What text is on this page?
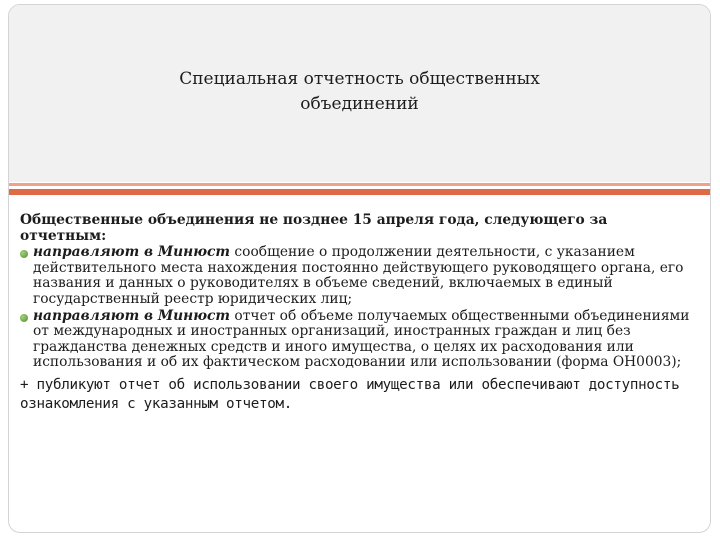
Специальная отчетность общественных
объединений

Общественные объединения не позднее 15 апреля года, следующего за отчетным:

направляют в Минюст сообщение о продолжении деятельности, с указанием действительного места нахождения постоянно действующего руководящего органа, его названия и данных о руководителях в объеме сведений, включаемых в единый государственный реестр юридических лиц;
направляют в Минюст отчет об объеме получаемых общественными объединениями от международных и иностранных организаций, иностранных граждан и лиц без гражданства денежных средств и иного имущества, о целях их расходования или использования и об их фактическом расходовании или использовании (форма ОН0003);
+ публикуют отчет об использовании своего имущества или обеспечивают доступность ознакомления с указанным отчетом.
